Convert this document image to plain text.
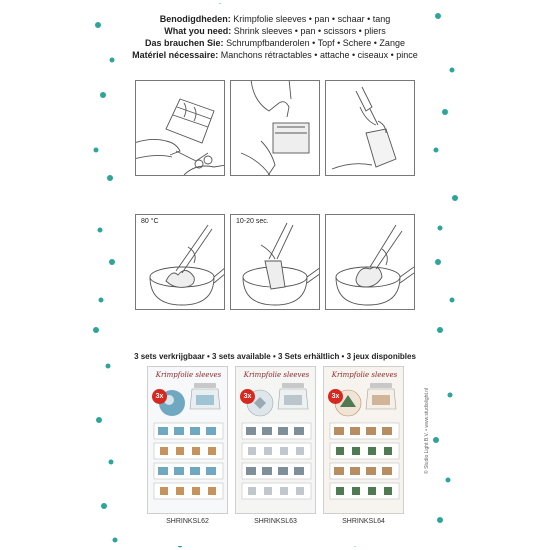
Benodigdheden: Krimpfolie sleeves • pan • schaar • tang
What you need: Shrink sleeves • pan • scissors • pliers
Das brauchen Sie: Schrumpfbanderolen • Topf • Schere • Zange
Matériel nécessaire: Manchons rétractables • attache • ciseaux • pince
80 °C	10-20 sec.
3 sets verkrijgbaar • 3 sets available • 3 Sets erhältlich • 3 jeux disponibles
Krimpfolie sleeves
3x
Krimpfolie sleeves
3x
Krimpfolie sleeves
3x
SHRINKSL62	SHRINKSL63	SHRINKSL64
© Studio Light B.V. • www.studiolight.nl
